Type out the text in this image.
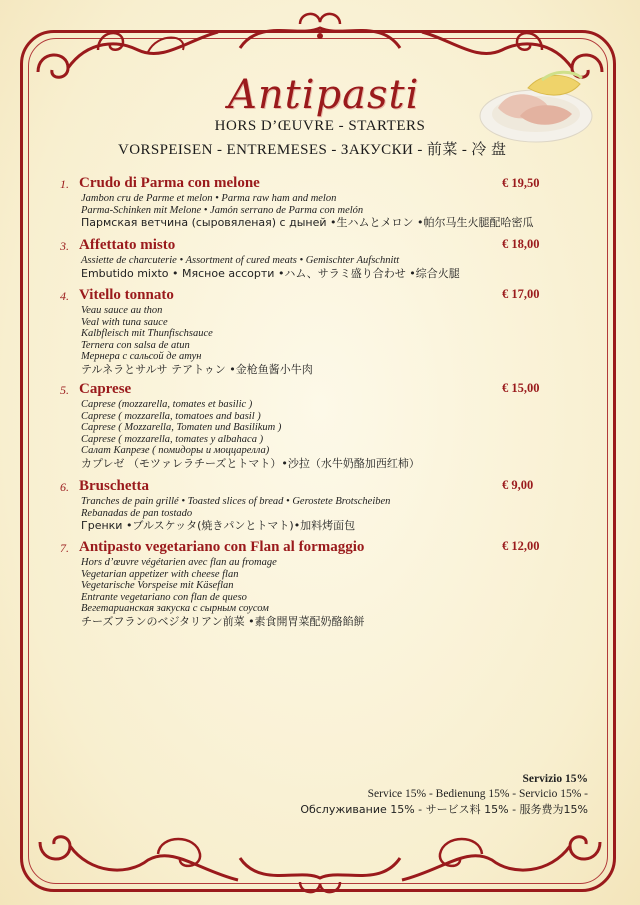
Antipasti
HORS D’ŒUVRE - STARTERS
VORSPEISEN - ENTREMESES - ЗАКУСКИ - 前菜 - 冷 盘
1. Crudo di Parma con melone
Jambon cru de Parme et melon • Parma raw ham and melon
Parma-Schinken mit Melone • Jamón serrano de Parma con melón
Пармская ветчина (сыровяленая) с дыней •生ハムとメロン •帕尔马生火腿配哈密瓜
€ 19,50
3. Affettato misto
Assiette de charcuterie • Assortment of cured meats • Gemischter Aufschnitt
Embutido mixto • Мясное ассорти •ハム、サラミ盛り合わせ •综合火腿
€ 18,00
4. Vitello tonnato
Veau sauce au thon
Veal with tuna sauce
Kalbfleisch mit Thunfischsauce
Ternera con salsa de atun
Мернера с сальсой де атун
テルネラとサルサ テアトゥン •金枪鱼酱小牛肉
€ 17,00
5. Caprese
Caprese (mozzarella, tomates et basilic )
Caprese ( mozzarella, tomatoes and basil )
Caprese ( Mozzarella, Tomaten und Basilikum )
Caprese ( mozzarella, tomates y albahaca )
Салат Капрезе ( помидоры и моццарелла)
カプレゼ （モツァレラチーズとトマト）•沙拉（水牛奶酪加西红柿）
€ 15,00
6. Bruschetta
Tranches de pain grillé • Toasted slices of bread • Gerostete Brotscheiben
Rebanadas de pan tostado
Гренки •ブルスケッタ(焼きパンとトマト)•加料烤面包
€ 9,00
7. Antipasto vegetariano con Flan al formaggio
Hors d’œuvre végétarien avec flan au fromage
Vegetarian appetizer with cheese flan
Vegetarische Vorspeise mit Käseflan
Entrante vegetariano con flan de queso
Вегетарианская закуска с сырным соусом
チーズフランのベジタリアン前菜 •素食開胃菜配奶酪餡餅
€ 12,00
Servizio 15%
Service 15% - Bedienung 15% - Servicio 15% -
Обслуживание 15% - サービス料 15% - 服务费为15%
